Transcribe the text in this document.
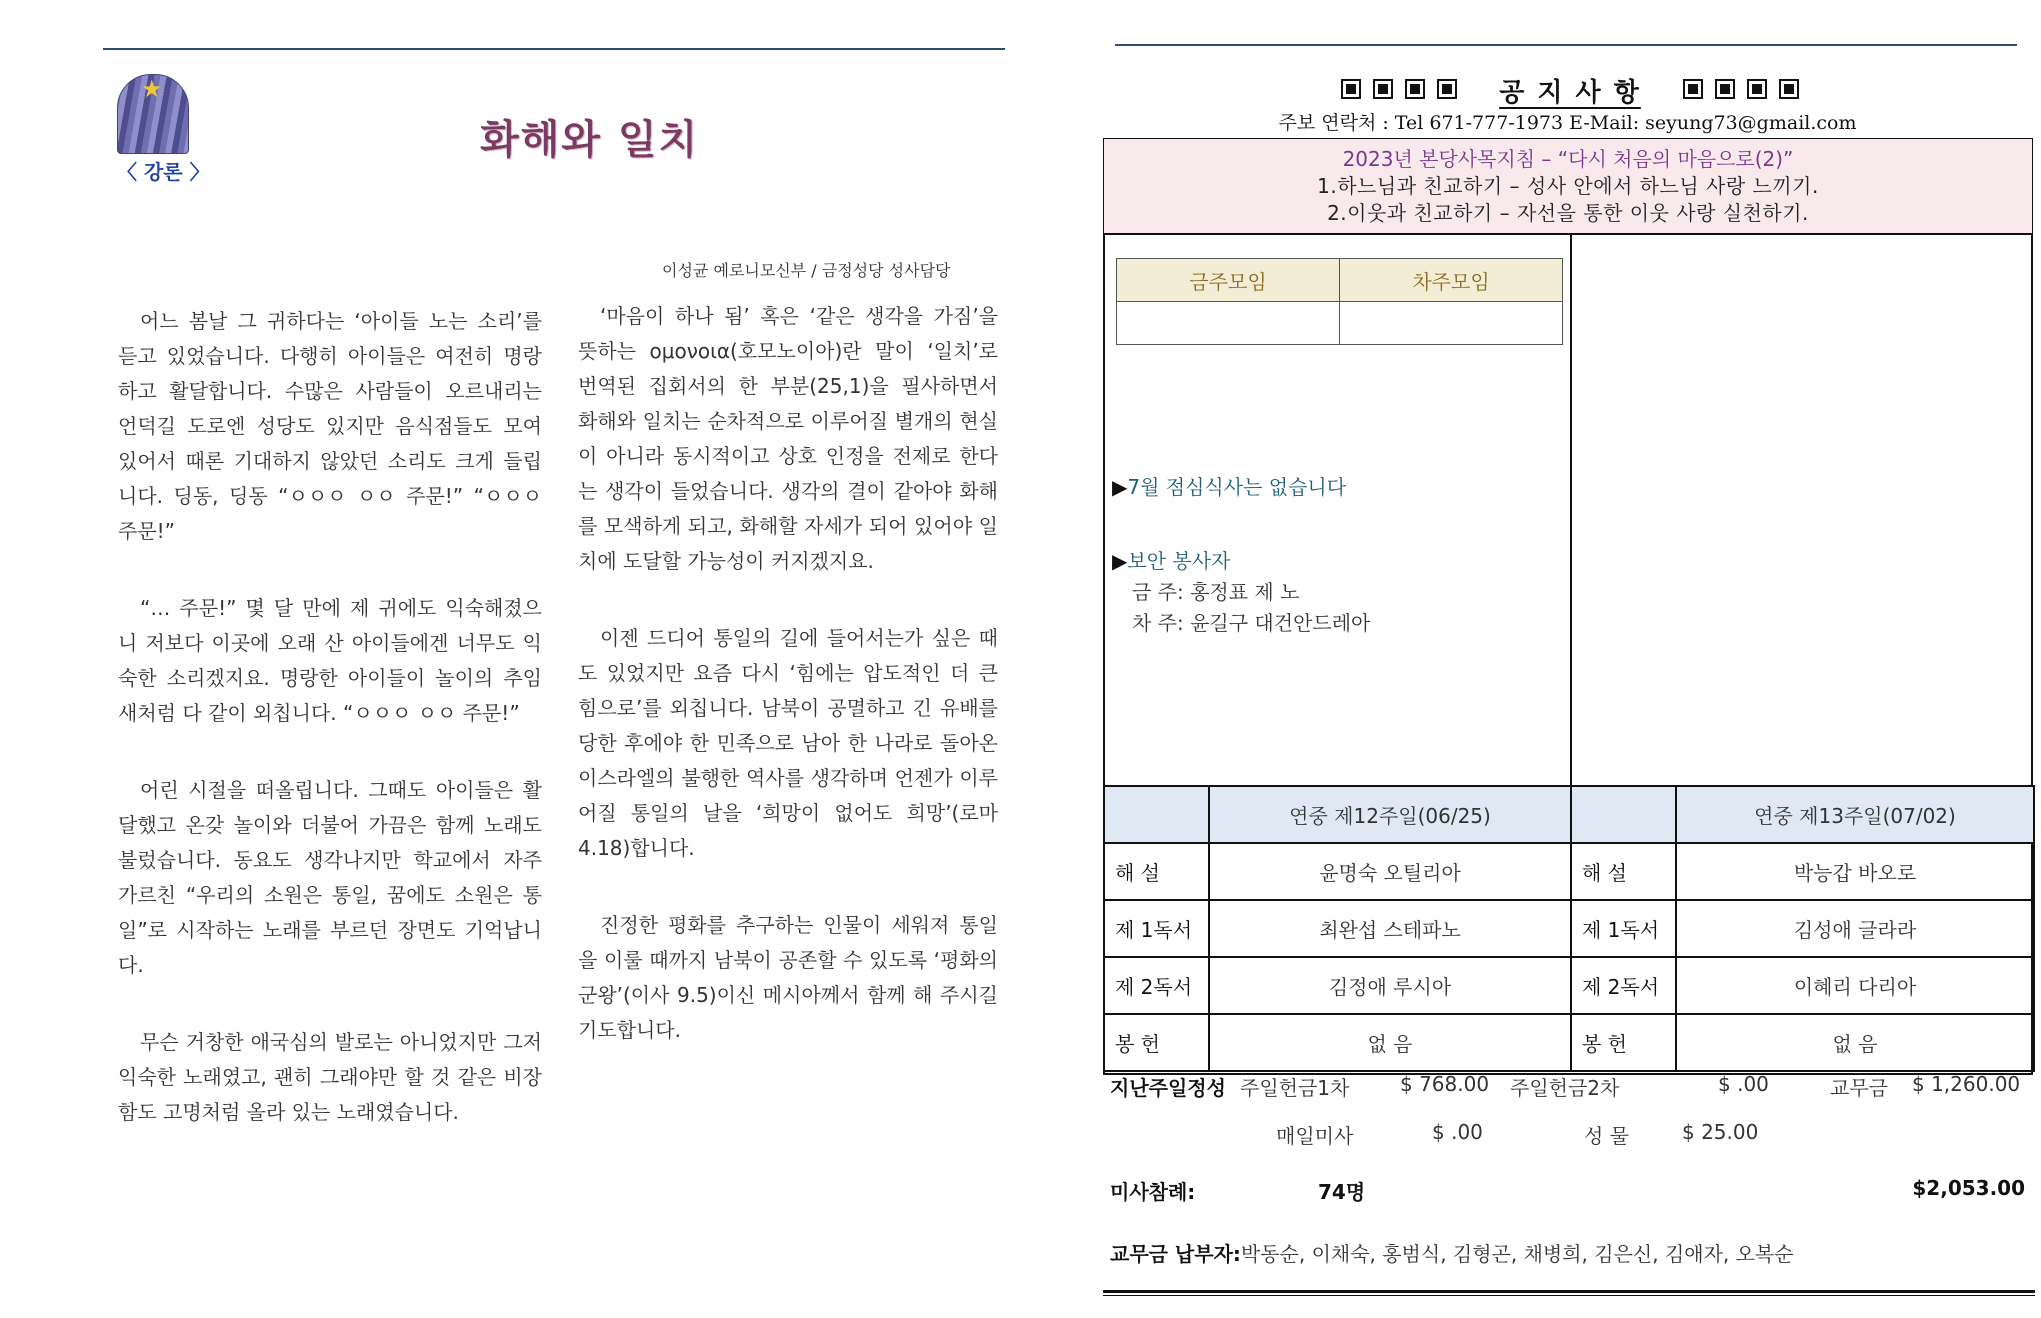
★
〈 강론 〉
화해와 일치
이성균 예로니모신부 / 금정성당 성사담당

어느 봄날 그 귀하다는 ‘아이들 노는 소리’를 듣고 있었습니다. 다행히 아이들은 여전히 명랑하고 활달합니다. 수많은 사람들이 오르내리는 언덕길 도로엔 성당도 있지만 음식점들도 모여 있어서 때론 기대하지 않았던 소리도 크게 들립니다. 딩동, 딩동 “ㅇㅇㅇ ㅇㅇ 주문!” “ㅇㅇㅇ 주문!”

“… 주문!” 몇 달 만에 제 귀에도 익숙해졌으니 저보다 이곳에 오래 산 아이들에겐 너무도 익숙한 소리겠지요. 명랑한 아이들이 놀이의 추임새처럼 다 같이 외칩니다. “ㅇㅇㅇ ㅇㅇ 주문!”

어린 시절을 떠올립니다. 그때도 아이들은 활달했고 온갖 놀이와 더불어 가끔은 함께 노래도 불렀습니다. 동요도 생각나지만 학교에서 자주 가르친 “우리의 소원은 통일, 꿈에도 소원은 통일”로 시작하는 노래를 부르던 장면도 기억납니다.

무슨 거창한 애국심의 발로는 아니었지만 그저 익숙한 노래였고, 괜히 그래야만 할 것 같은 비장함도 고명처럼 올라 있는 노래였습니다.

‘마음이 하나 됨’ 혹은 ‘같은 생각을 가짐’을 뜻하는 ομονοια(호모노이아)란 말이 ‘일치’로 번역된 집회서의 한 부분(25,1)을 필사하면서 화해와 일치는 순차적으로 이루어질 별개의 현실이 아니라 동시적이고 상호 인정을 전제로 한다는 생각이 들었습니다. 생각의 결이 같아야 화해를 모색하게 되고, 화해할 자세가 되어 있어야 일치에 도달할 가능성이 커지겠지요.

이젠 드디어 통일의 길에 들어서는가 싶은 때도 있었지만 요즘 다시 ‘힘에는 압도적인 더 큰 힘으로’를 외칩니다. 남북이 공멸하고 긴 유배를 당한 후에야 한 민족으로 남아 한 나라로 돌아온 이스라엘의 불행한 역사를 생각하며 언젠가 이루어질 통일의 날을 ‘희망이 없어도 희망’(로마 4.18)합니다.

진정한 평화를 추구하는 인물이 세워져 통일을 이룰 때까지 남북이 공존할 수 있도록 ‘평화의 군왕’(이사 9.5)이신 메시아께서 함께 해 주시길 기도합니다.

공 지 사 항
주보 연락처 : Tel 671-777-1973 E-Mail: seyung73@gmail.com
2023년 본당사목지침 – “다시 처음의 마음으로(2)”
1.하느님과 친교하기 – 성사 안에서 하느님 사랑 느끼기.
2.이웃과 친교하기 – 자선을 통한 이웃 사랑 실천하기.
금주모임	차주모임

▶7월 점심식사는 없습니다
▶보안 봉사자
금 주: 홍정표 제 노
차 주: 윤길구 대건안드레아
	연중 제12주일(06/25)		연중 제13주일(07/02)
해 설	윤명숙 오틸리아	해 설	박능갑 바오로
제 1독서	최완섭 스테파노	제 1독서	김성애 글라라
제 2독서	김정애 루시아	제 2독서	이혜리 다리아
봉 헌	없 음	봉 헌	없 음
지난주일정성 주일헌금1차	$ 768.00 주일헌금2차	$ .00	교무금 $ 1,260.00
매일미사	$ .00	성 물	$ 25.00
미사참례:	74명	$2,053.00
교무금 납부자:박동순, 이채숙, 홍범식, 김형곤, 채병희, 김은신, 김애자, 오복순
